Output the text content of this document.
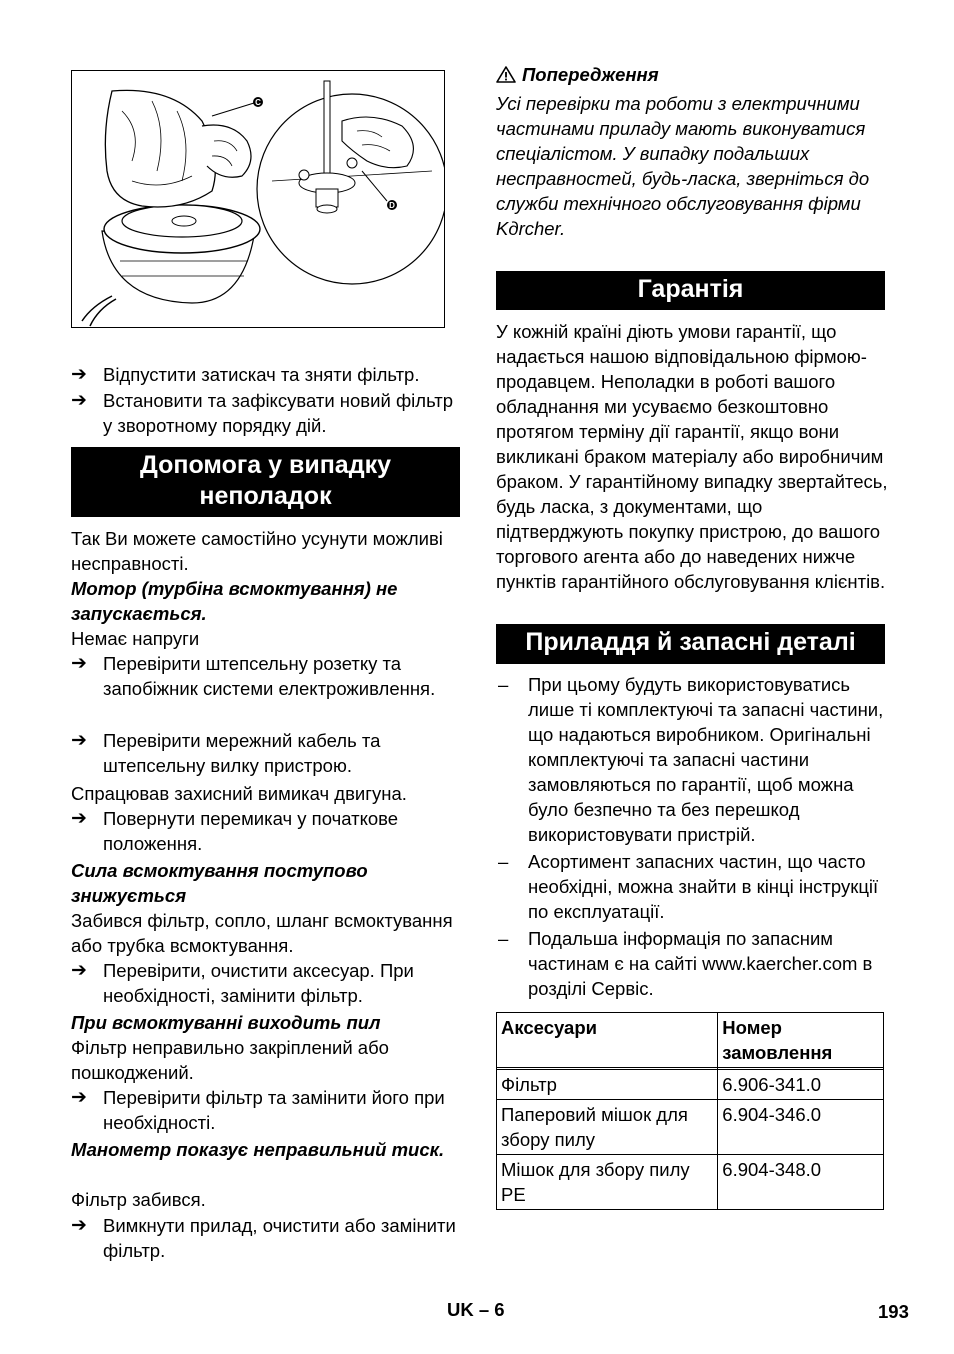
C
D
➔ Відпустити затискач та зняти фільтр.
➔ Встановити та зафіксувати новий фільтр у зворотному порядку дій.
Допомога у випадку неполадок
Так Ви можете самостійно усунути можливі несправності.
Мотор (турбіна всмоктування) не запускається.
Немає напруги
➔ Перевірити штепсельну розетку та запобіжник системи електроживлення.
➔ Перевірити мережний кабель та штепсельну вилку пристрою.
Спрацював захисний вимикач двигуна.
➔ Повернути перемикач у початкове положення.
Сила всмоктування поступово знижується
Забився фільтр, сопло, шланг всмоктування або трубка всмоктування.
➔ Перевірити, очистити аксесуар. При необхідності, замінити фільтр.
При всмоктуванні виходить пил
Фільтр неправильно закріплений або пошкоджений.
➔ Перевірити фільтр та замінити його при необхідності.
Манометр показує неправильний тиск.
Фільтр забився.
➔ Вимкнути прилад, очистити або замінити фільтр.
Попередження
Усі перевірки та роботи з електричними частинами приладу мають виконуватися спеціалістом. У випадку подальших несправностей, будь-ласка, зверніться до служби технічного обслуговування фірми Kдrcher.
Гарантія
У кожній країні діють умови гарантії, що надається нашою відповідальною фірмою-продавцем. Неполадки в роботі вашого обладнання ми усуваємо безкоштовно протягом терміну дії гарантії, якщо вони викликані браком матеріалу або виробничим браком. У гарантійному випадку звертайтесь, будь ласка, з документами, що підтверджують покупку пристрою, до вашого торгового агента або до наведених нижче пунктів гарантійного обслуговування клієнтів.
Приладдя й запасні деталі
– При цьому будуть використовуватись лише ті комплектуючі та запасні частини, що надаються виробником. Оригінальні комплектуючі та запасні частини замовляються по гарантії, щоб можна було безпечно та без перешкод використовувати пристрій.
– Асортимент запасних частин, що часто необхідні, можна знайти в кінці інструкції по експлуатації.
– Подальша інформація по запасним частинам є на сайті www.kaercher.com в розділі Сервіс.
Аксесуари	Номер замовлення

Фільтр	6.906-341.0
Паперовий мішок для збору пилу	6.904-346.0
Мішок для збору пилу PE	6.904-348.0
UK – 6	193
